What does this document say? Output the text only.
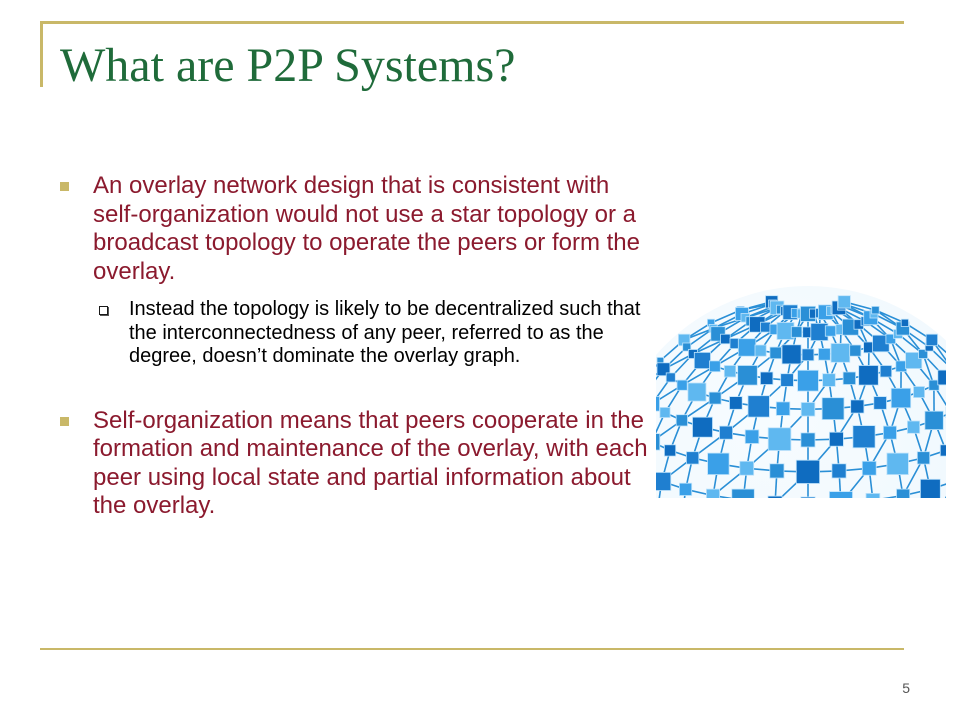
What are P2P Systems?
An overlay network design that is consistent with self-organization would not use a star topology or a broadcast topology to operate the peers or form the overlay.
Instead the topology is likely to be decentralized such that the interconnectedness of any peer, referred to as the degree, doesn’t dominate the overlay graph.
Self-organization means that peers cooperate in the formation and maintenance of the overlay, with each peer using local state and partial information about the overlay.
5
